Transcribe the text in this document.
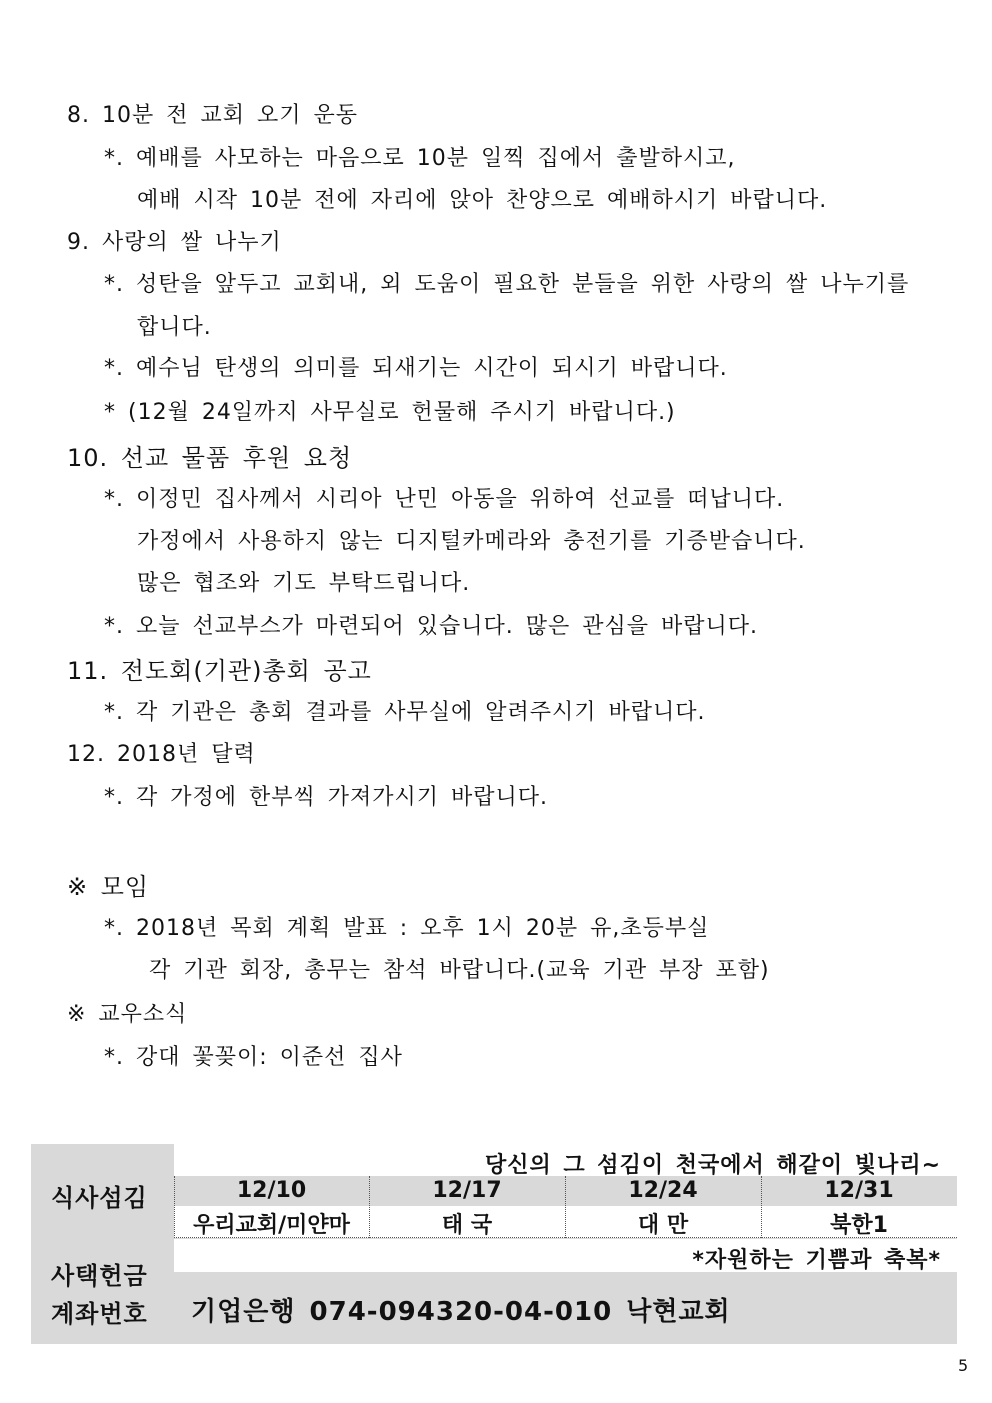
8. 10분 전 교회 오기 운동
*. 예배를 사모하는 마음으로 10분 일찍 집에서 출발하시고,
예배 시작 10분 전에 자리에 앉아 찬양으로 예배하시기 바랍니다.
9. 사랑의 쌀 나누기
*. 성탄을 앞두고 교회내, 외 도움이 필요한 분들을 위한 사랑의 쌀 나누기를
합니다.
*. 예수님 탄생의 의미를 되새기는 시간이 되시기 바랍니다.
* (12월 24일까지 사무실로 헌물해 주시기 바랍니다.)
10. 선교 물품 후원 요청
*. 이정민 집사께서 시리아 난민 아동을 위하여 선교를 떠납니다.
가정에서 사용하지 않는 디지털카메라와 충전기를 기증받습니다.
많은 협조와 기도 부탁드립니다.
*. 오늘 선교부스가 마련되어 있습니다. 많은 관심을 바랍니다.
11. 전도회(기관)총회 공고
*. 각 기관은 총회 결과를 사무실에 알려주시기 바랍니다.
12. 2018년 달력
*. 각 가정에 한부씩 가져가시기 바랍니다.
※ 모임
*. 2018년 목회 계획 발표 : 오후 1시 20분 유,초등부실
각 기관 회장, 총무는 참석 바랍니다.(교육 기관 부장 포함)
※ 교우소식
*. 강대 꽃꽂이: 이준선 집사
당신의 그 섬김이 천국에서 해같이 빛나리~
식사섬김	12/10	12/17	12/24	12/31
우리교회/미얀마	태 국	대 만	북한1
*자원하는 기쁨과 축복*
사택헌금
계좌번호 기업은행 074-094320-04-010 낙현교회
5
